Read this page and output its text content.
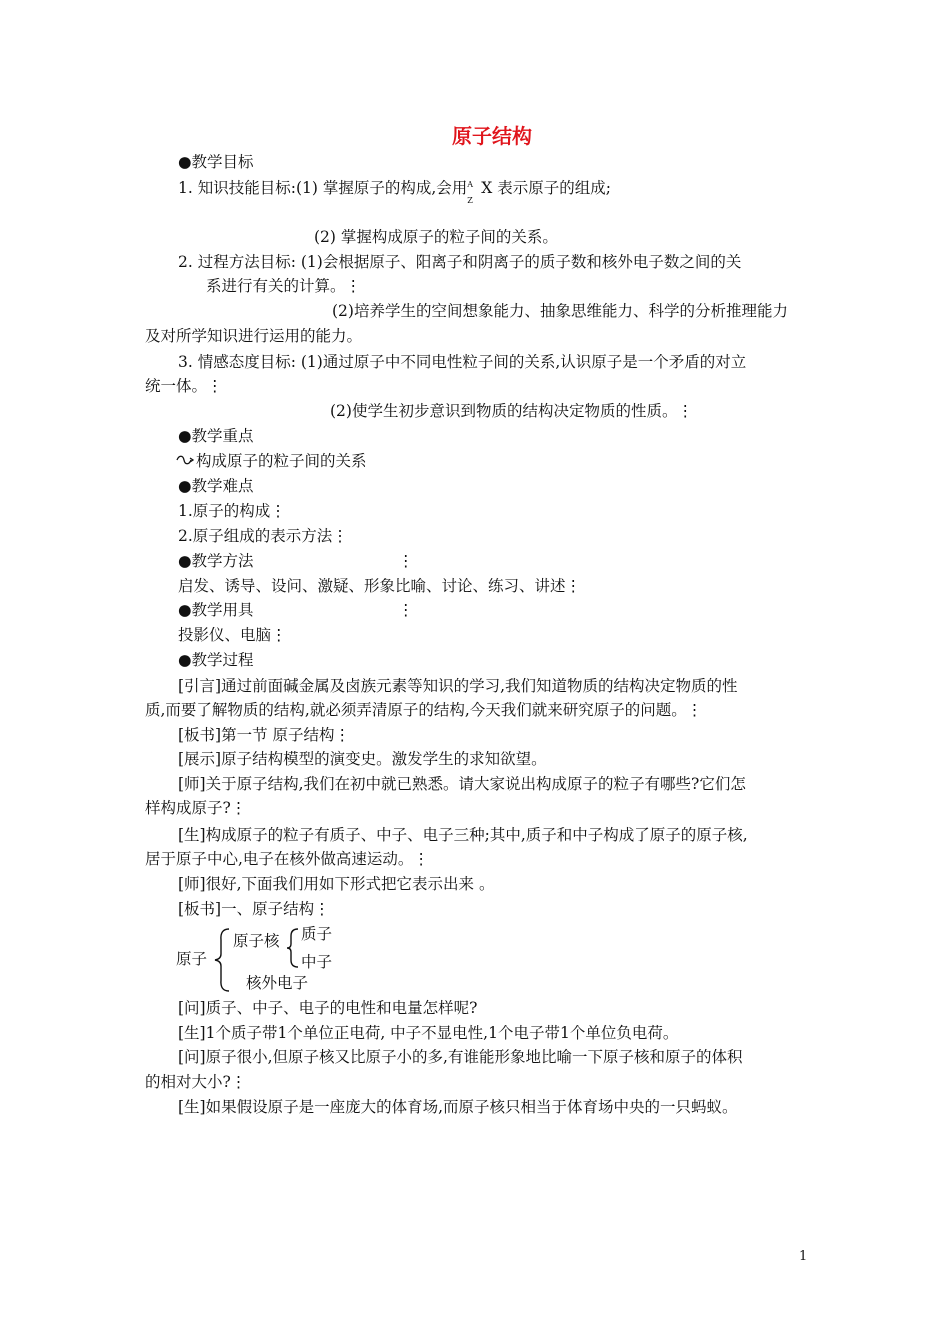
原子结构
●教学目标
1. 知识技能目标:(1) 掌握原子的构成,会用 A
Z
X 表示原子的组成;
(2) 掌握构成原子的粒子间的关系。
2. 过程方法目标: (1)会根据原子、阳离子和阴离子的质子数和核外电子数之间的关
系进行有关的计算。⋮
(2)培养学生的空间想象能力、抽象思维能力、科学的分析推理能力
及对所学知识进行运用的能力。
3. 情感态度目标: (1)通过原子中不同电性粒子间的关系,认识原子是一个矛盾的对立
统一体。⋮
(2)使学生初步意识到物质的结构决定物质的性质。⋮
●教学重点
构成原子的粒子间的关系
●教学难点
1.原子的构成⋮
2.原子组成的表示方法⋮
●教学方法	⋮
启发、诱导、设问、激疑、形象比喻、讨论、练习、讲述⋮
●教学用具	⋮
投影仪、电脑⋮
●教学过程
[引言]通过前面碱金属及卤族元素等知识的学习,我们知道物质的结构决定物质的性
质,而要了解物质的结构,就必须弄清原子的结构,今天我们就来研究原子的问题。⋮
[板书]第一节 原子结构⋮
[展示]原子结构模型的演变史。激发学生的求知欲望。
[师]关于原子结构,我们在初中就已熟悉。请大家说出构成原子的粒子有哪些?它们怎
样构成原子?⋮
[生]构成原子的粒子有质子、中子、电子三种;其中,质子和中子构成了原子的原子核,
居于原子中心,电子在核外做高速运动。⋮
[师]很好,下面我们用如下形式把它表示出来 。
[板书]一、原子结构⋮
原子
原子核 质子
中子
核外电子
[问]质子、中子、电子的电性和电量怎样呢?
[生]1个质子带1个单位正电荷, 中子不显电性,1个电子带1个单位负电荷。
[问]原子很小,但原子核又比原子小的多,有谁能形象地比喻一下原子核和原子的体积
的相对大小?⋮
[生]如果假设原子是一座庞大的体育场,而原子核只相当于体育场中央的一只蚂蚁。
1
